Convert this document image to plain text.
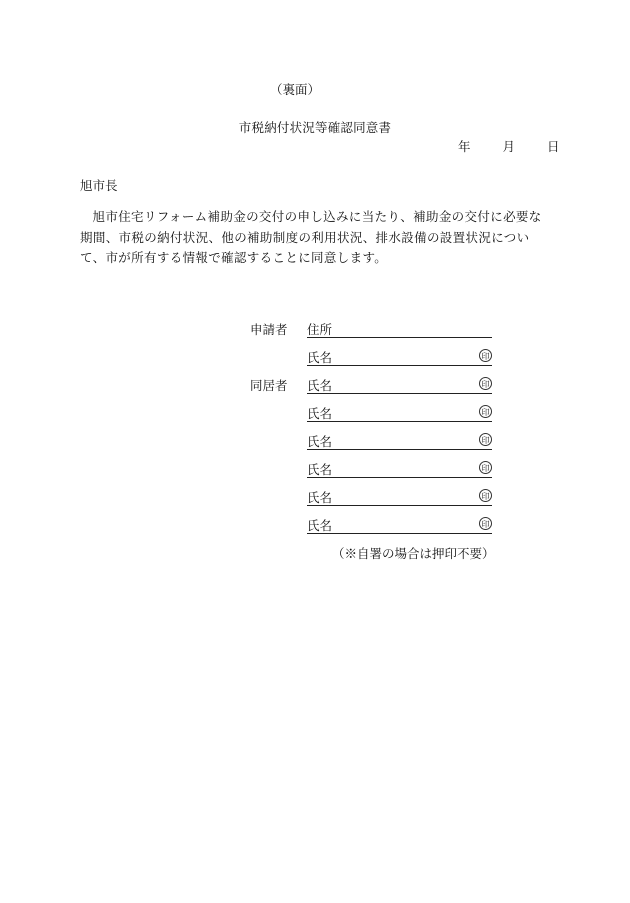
（裏面）
市税納付状況等確認同意書
年	月	日
旭市長
旭市住宅リフォーム補助金の交付の申し込みに当たり、補助金の交付に必要な期間、市税の納付状況、他の補助制度の利用状況、排水設備の設置状況について、市が所有する情報で確認することに同意します。
申請者	住所
氏名	印
同居者	氏名	印
氏名	印
氏名	印
氏名	印
氏名	印
氏名	印
（※自署の場合は押印不要）
